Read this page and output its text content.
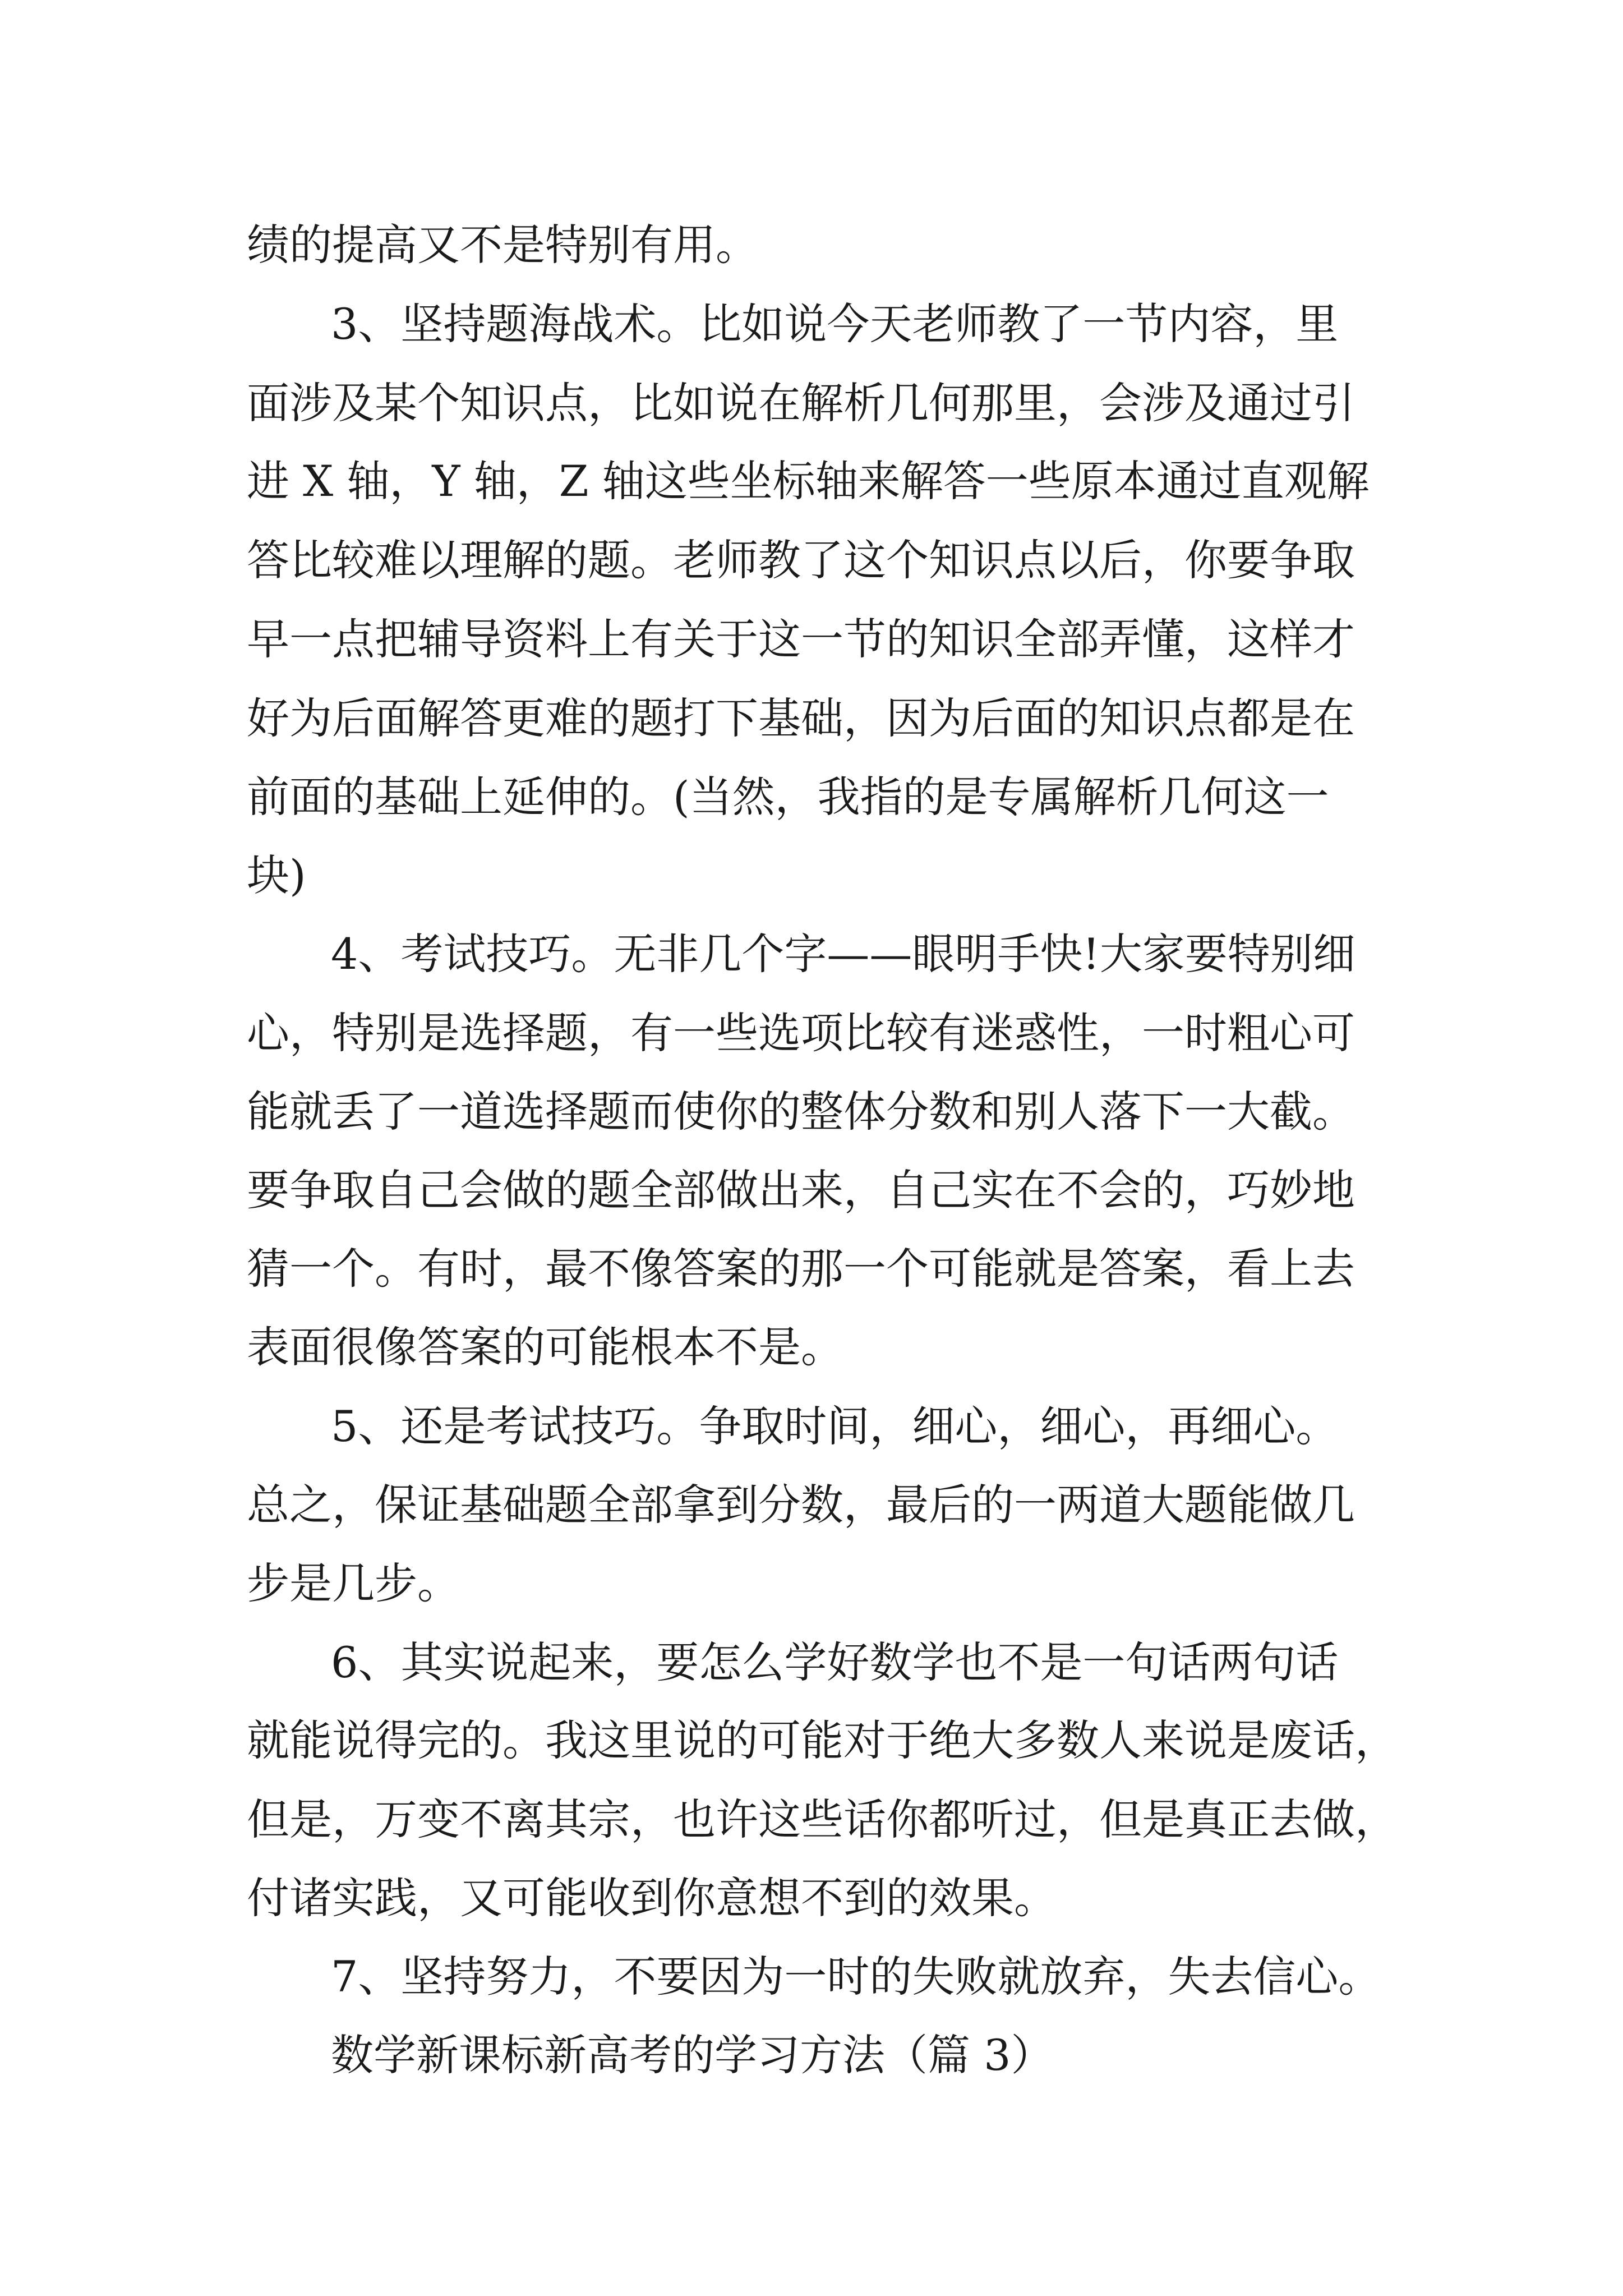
绩的提高又不是特别有用。
3、坚持题海战术。比如说今天老师教了一节内容，里
面涉及某个知识点，比如说在解析几何那里，会涉及通过引
进 X 轴，Y 轴，Z 轴这些坐标轴来解答一些原本通过直观解
答比较难以理解的题。老师教了这个知识点以后，你要争取
早一点把辅导资料上有关于这一节的知识全部弄懂，这样才
好为后面解答更难的题打下基础，因为后面的知识点都是在
前面的基础上延伸的。(当然，我指的是专属解析几何这一
块)
4、考试技巧。无非几个字——眼明手快!大家要特别细
心，特别是选择题，有一些选项比较有迷惑性，一时粗心可
能就丢了一道选择题而使你的整体分数和别人落下一大截。
要争取自己会做的题全部做出来，自己实在不会的，巧妙地
猜一个。有时，最不像答案的那一个可能就是答案，看上去
表面很像答案的可能根本不是。
5、还是考试技巧。争取时间，细心，细心，再细心。
总之，保证基础题全部拿到分数，最后的一两道大题能做几
步是几步。
6、其实说起来，要怎么学好数学也不是一句话两句话
就能说得完的。我这里说的可能对于绝大多数人来说是废话，
但是，万变不离其宗，也许这些话你都听过，但是真正去做，
付诸实践，又可能收到你意想不到的效果。
7、坚持努力，不要因为一时的失败就放弃，失去信心。
数学新课标新高考的学习方法（篇 3）
